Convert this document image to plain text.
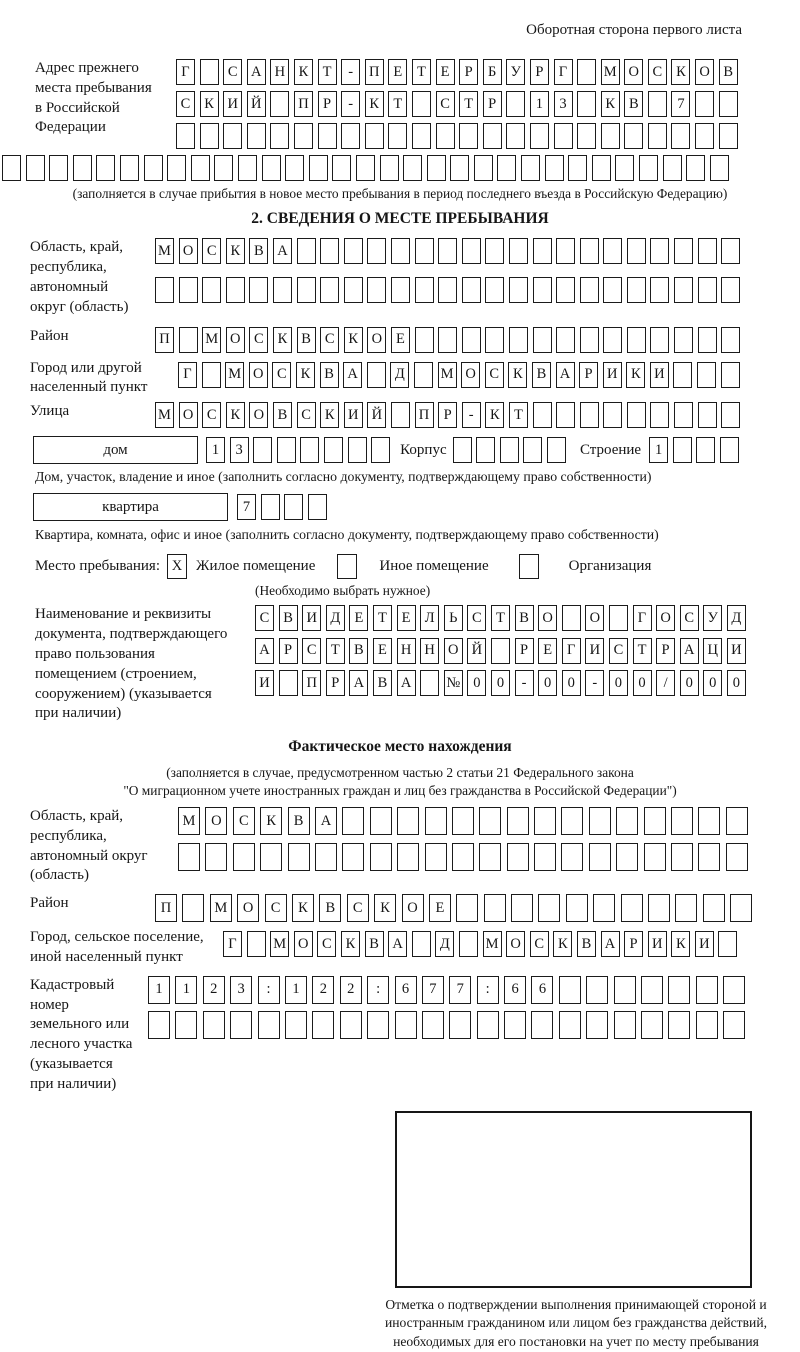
Оборотная сторона первого листа
Адрес прежнего места пребывания в Российской Федерации
Г	С А Н К Т	-	П Е	Т	Е	Р	Б У Р	Г	М О С К О В
С К И Й	П Р	-	К Т	С Т	Р	1	3	К В	7
(заполняется в случае прибытия в новое место пребывания в период последнего въезда в Российскую Федерацию)
2. СВЕДЕНИЯ О МЕСТЕ ПРЕБЫВАНИЯ
Область, край, республика, автономный округ (область)
М О С К В А
Район	П М О С К В С К О Е
Город или другой населенный пункт
Г	М О С К В А	Д	М О С К В А Р И К И
Улица	М О С К О В С К И Й	П Р	-	К Т
дом	1	3	Корпус	Строение 1
Дом, участок, владение и иное (заполнить согласно документу, подтверждающему право собственности)
квартира	7
Квартира, комната, офис и иное (заполнить согласно документу, подтверждающему право собственности)
Место пребывания: X Жилое помещение	Иное помещение	Организация
(Необходимо выбрать нужное)
Наименование и реквизиты документа, подтверждающего право пользования помещением (строением, сооружением) (указывается при наличии)
С В И Д Е	Т	Е Л	Ь	С Т В О	О	Г О С У Д
А Р	С Т В Е Н Н О Й	Р	Е	Г И С Т	Р А Ц И
И	П Р А В А № 0	0	-	0	0	-	0	0	/	0	0	0
Фактическое место нахождения
(заполняется в случае, предусмотренном частью 2 статьи 21 Федерального закона
"О миграционном учете иностранных граждан и лиц без гражданства в Российской Федерации")
Область, край, республика, автономный округ (область)
М	О	С	К	В	А
Район	П	М	О	С	К	В	С	К	О	Е
Город, сельское поселение, иной населенный пункт
Г	М О С К В А	Д	М О С К В А Р И К И
Кадастровый номер земельного или лесного участка (указывается при наличии)
1	1	2	3	:	1	2	2	:	6	7	7	:	6	6
Отметка о подтверждении выполнения принимающей стороной и иностранным гражданином или лицом без гражданства действий, необходимых для его постановки на учет по месту пребывания
